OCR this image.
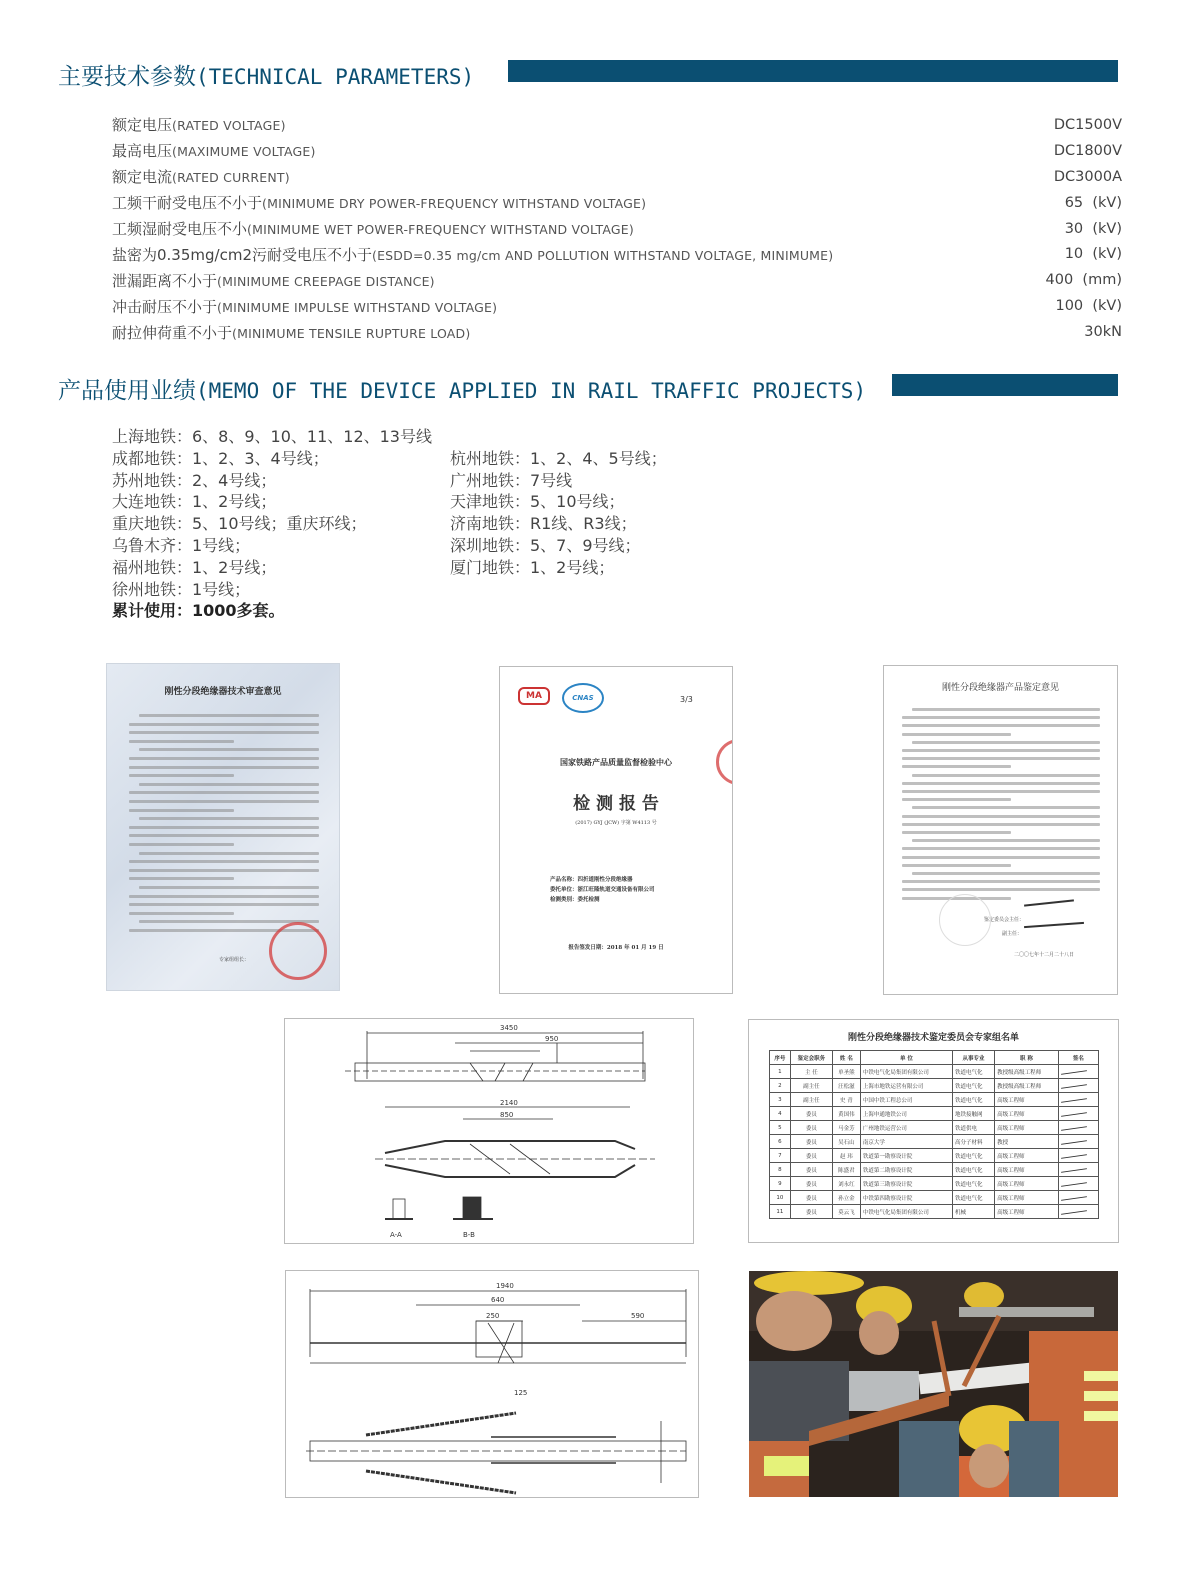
主要技术参数(TECHNICAL PARAMETERS)
额定电压(RATED VOLTAGE)	DC1500V
最高电压(MAXIMUME VOLTAGE)	DC1800V
额定电流(RATED CURRENT)	DC3000A
工频干耐受电压不小于(MINIMUME DRY POWER-FREQUENCY WITHSTAND VOLTAGE)	65  (kV)
工频湿耐受电压不小(MINIMUME WET POWER-FREQUENCY WITHSTAND VOLTAGE)	30  (kV)
盐密为0.35mg/cm2污耐受电压不小于(ESDD=0.35 mg/cm AND POLLUTION WITHSTAND VOLTAGE, MINIMUME)	10  (kV)
泄漏距离不小于(MINIMUME CREEPAGE DISTANCE)	400  (mm)
冲击耐压不小于(MINIMUME IMPULSE WITHSTAND VOLTAGE)	100  (kV)
耐拉伸荷重不小于(MINIMUME TENSILE RUPTURE LOAD)	30kN
产品使用业绩(MEMO OF THE DEVICE APPLIED IN RAIL TRAFFIC PROJECTS)
上海地铁：6、8、9、10、11、12、13号线
成都地铁：1、2、3、4号线；	杭州地铁：1、2、4、5号线；
苏州地铁：2、4号线；	广州地铁：7号线
大连地铁：1、2号线；	天津地铁：5、10号线；
重庆地铁：5、10号线；重庆环线；	济南地铁：R1线、R3线；
乌鲁木齐：1号线；	深圳地铁：5、7、9号线；
福州地铁：1、2号线；	厦门地铁：1、2号线；
徐州地铁：1号线；
累计使用：1000多套。
刚性分段绝缘器技术审查意见
专家组组长：
MA	CNAS	3/3
国家铁路产品质量监督检验中心
检 测 报 告
(2017) GYJ (JCW) 字第 W4113 号
产品名称：四折道刚性分段绝缘器
委托单位：浙江旺隆轨道交通设备有限公司
检测类别：委托检测
报告签发日期：2018 年 01 月 19 日
刚性分段绝缘器产品鉴定意见
鉴定委员会主任：
副主任：
二〇〇七年十二月二十八日
3450
950
2140
850
A-A	B-B
刚性分段绝缘器技术鉴定委员会专家组名单
序号	鉴定会职务	姓 名	单 位	从事专业	职 称	签名
1	主 任	单圣熊	中铁电气化局集团有限公司	铁道电气化	教授级高级工程师	
2	副主任	汪松滋	上海市地铁运营有限公司	铁道电气化	教授级高级工程师	
3	副主任	史 青	中国中铁工程总公司	铁道电气化	高级工程师	
4	委员	黄国伟	上海申通地铁公司	地铁接触网	高级工程师	
5	委员	马金芳	广州地铁运营公司	铁道供电	高级工程师	
6	委员	吴石山	南京大学	高分子材料	教授	
7	委员	赵 玮	铁道第一勘察设计院	铁道电气化	高级工程师	
8	委员	陈盛君	铁道第二勘察设计院	铁道电气化	高级工程师	
9	委员	刘永红	铁道第三勘察设计院	铁道电气化	高级工程师	
10	委员	孙立金	中铁第四勘察设计院	铁道电气化	高级工程师	
11	委员	莫云飞	中铁电气化局集团有限公司	机械	高级工程师	
1940
640
250	590
125
